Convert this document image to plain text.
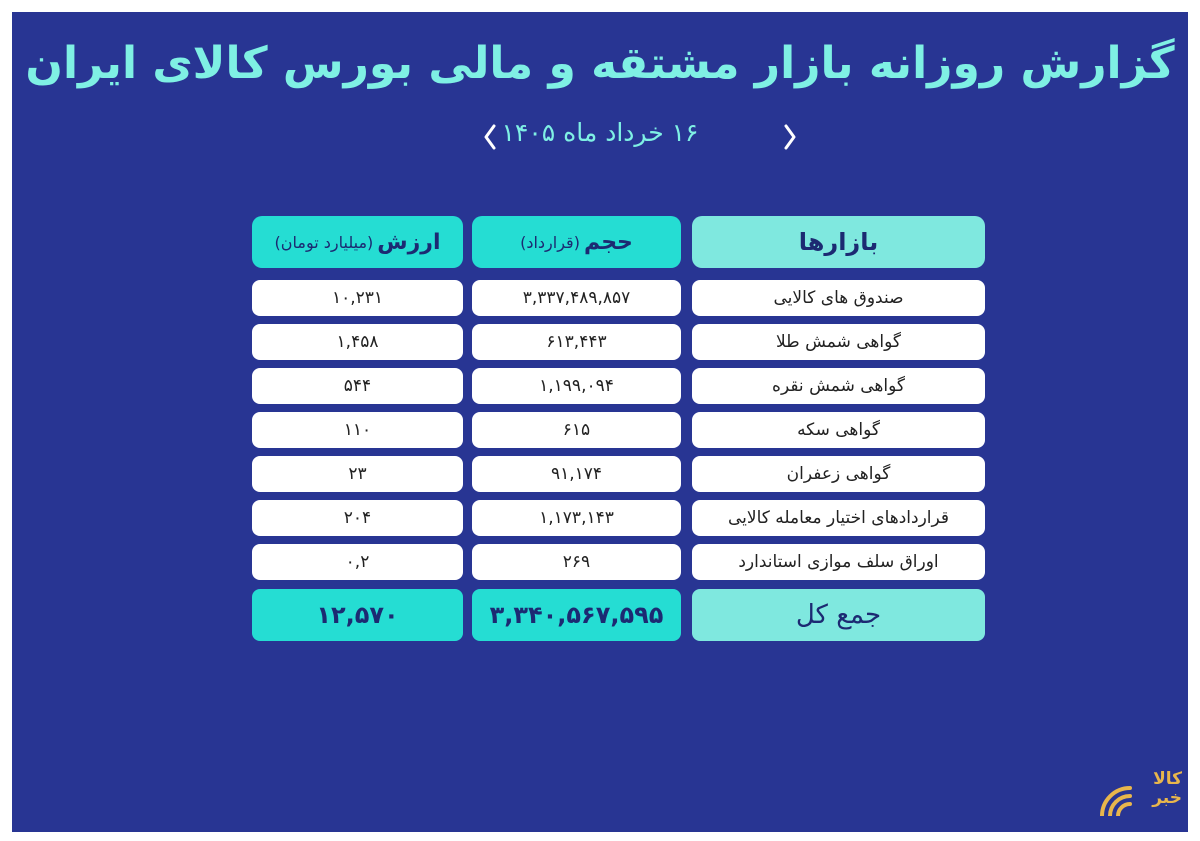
گزارش روزانه بازار مشتقه و مالی بورس کالای ایران
۱۶ خرداد ماه ۱۴۰۵
بازارها
حجم
(قرارداد)
ارزش
(میلیارد تومان)
صندوق های کالایی
۳,۳۳۷,۴۸۹,۸۵۷
۱۰,۲۳۱
گواهی شمش طلا
۶۱۳,۴۴۳
۱,۴۵۸
گواهی شمش نقره
۱,۱۹۹,۰۹۴
۵۴۴
گواهی سکه
۶۱۵
۱۱۰
گواهی زعفران
۹۱,۱۷۴
۲۳
قراردادهای اختیار معامله کالایی
۱,۱۷۳,۱۴۳
۲۰۴
اوراق سلف موازی استاندارد
۲۶۹
۰,۲
جمع کل
۳,۳۴۰,۵۶۷,۵۹۵
۱۲,۵۷۰
کالا
خبر
